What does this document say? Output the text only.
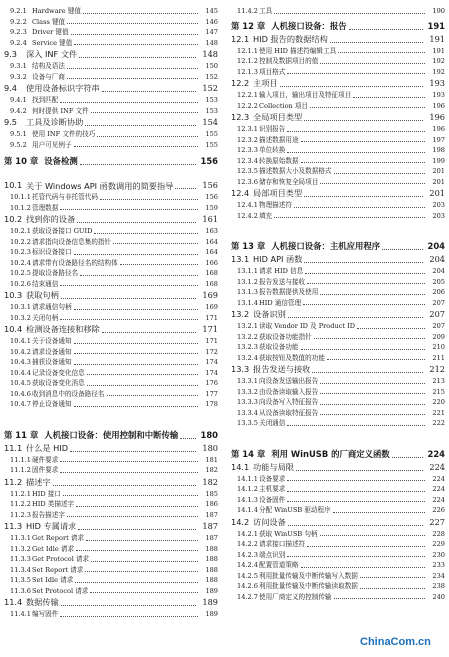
9.2.1 Hardware 键值	145
9.2.2 Class 键值	146
9.2.3 Driver 键值	147
9.2.4 Service 键值	148
9.3	深入 INF 文件	148
9.3.1 结构及语法	150
9.3.2 设备与厂商	152
9.4	使用设备标识字符串	152
9.4.1 找到匹配	153
9.4.2 何时提供 INF 文件	153
9.5	工具及诊断协助	154
9.5.1 使用 INF 文件的技巧	155
9.5.2 用户可见例子	155
第 10 章 设备检测	156
10.1 关于 Windows API 函数调用的简要指导	156
10.1.1 托管代码与非托管代码	156
10.1.2 管理数据	159
10.2 找到你的设备	161
10.2.1 获取设备接口 GUID	163
10.2.2 请求指向设备信息集的指针	164
10.2.3 标识设备接口	164
10.2.4 请求带有设备路径名的结构体	166
10.2.5 提取设备路径名	168
10.2.6 结束通信	168
10.3 获取句柄	169
10.3.1 请求通信句柄	169
10.3.2 关闭句柄	171
10.4 检测设备连接和移除	171
10.4.1 关于设备通知	171
10.4.2 请求设备通知	172
10.4.3 捕获设备通知	174
10.4.4 记录设备变化信息	174
10.4.5 获取设备变化消息	176
10.4.6 收到消息中的设备路径名	177
10.4.7 停止设备通知	178
第 11 章 人机接口设备：使用控制和中断传输	180
11.1 什么是 HID	180
11.1.1 硬件要求	181
11.1.2 固件要求	182
11.2 描述字	182
11.2.1 HID 接口	185
11.2.2 HID 类描述字	186
11.2.3 报告描述字	187
11.3 HID 专属请求	187
11.3.1 Get Report 请求	187
11.3.2 Get Idle 请求	188
11.3.3 Get Protocol 请求	188
11.3.4 Set Report 请求	188
11.3.5 Set Idle 请求	188
11.3.6 Set Protocol 请求	189
11.4 数据传输	189
11.4.1 编写固件	189
11.4.2 工具	190
第 12 章 人机接口设备：报告	191
12.1 HID 报告的数据结构	191
12.1.1 使用 HID 描述符编辑工具	191
12.1.2 控制及数据项目的值	192
12.1.3 项目格式	192
12.2 主项目	193
12.2.1 输入项目，输出项目及特征项目	193
12.2.2 Collection 项目	196
12.3 全局项目类型	196
12.3.1 识别报告	196
12.3.2 描述数据用途	197
12.3.3 单位转换	198
12.3.4 转换原始数据	199
12.3.5 描述数据大小及数据格式	201
12.3.6 储存和恢复全局项目	201
12.4 局部项目类型	201
12.4.1 物理描述符	203
12.4.2 填充	203
第 13 章 人机接口设备：主机应用程序	204
13.1 HID API 函数	204
13.1.1 请求 HID 信息	204
13.1.2 报告发送与接收	205
13.1.3 报告数据提供及使用	206
13.1.4 HID 通信管理	207
13.2 设备识别	207
13.2.1 读取 Vendor ID 及 Product ID	207
13.2.2 获取设备功能指针	209
13.2.3 获取设备功能	210
13.2.4 获取按钮及数值的功能	211
13.3 报告发送与接收	212
13.3.1 向设备发送输出报告	213
13.3.2 由设备读取输入报告	215
13.3.3 向设备写入特征报告	220
13.3.4 从设备读取特征报告	221
13.3.5 关闭通信	222
第 14 章 利用 WinUSB 的厂商定义函数	224
14.1 功能与局限	224
14.1.1 设备要求	224
14.1.2 主机要求	224
14.1.3 设备固件	224
14.1.4 分配 WinUSB 驱动程序	226
14.2 访问设备	227
14.2.1 获取 WinUSB 句柄	228
14.2.2 请求接口描述符	229
14.2.3 端点识别	230
14.2.4 配置管道策略	233
14.2.5 利用批量传输及中断传输写入数据	234
14.2.6 利用批量传输及中断传输读取数据	238
14.2.7 使用厂商定义的控制传输	240
ChinaCom.cn
